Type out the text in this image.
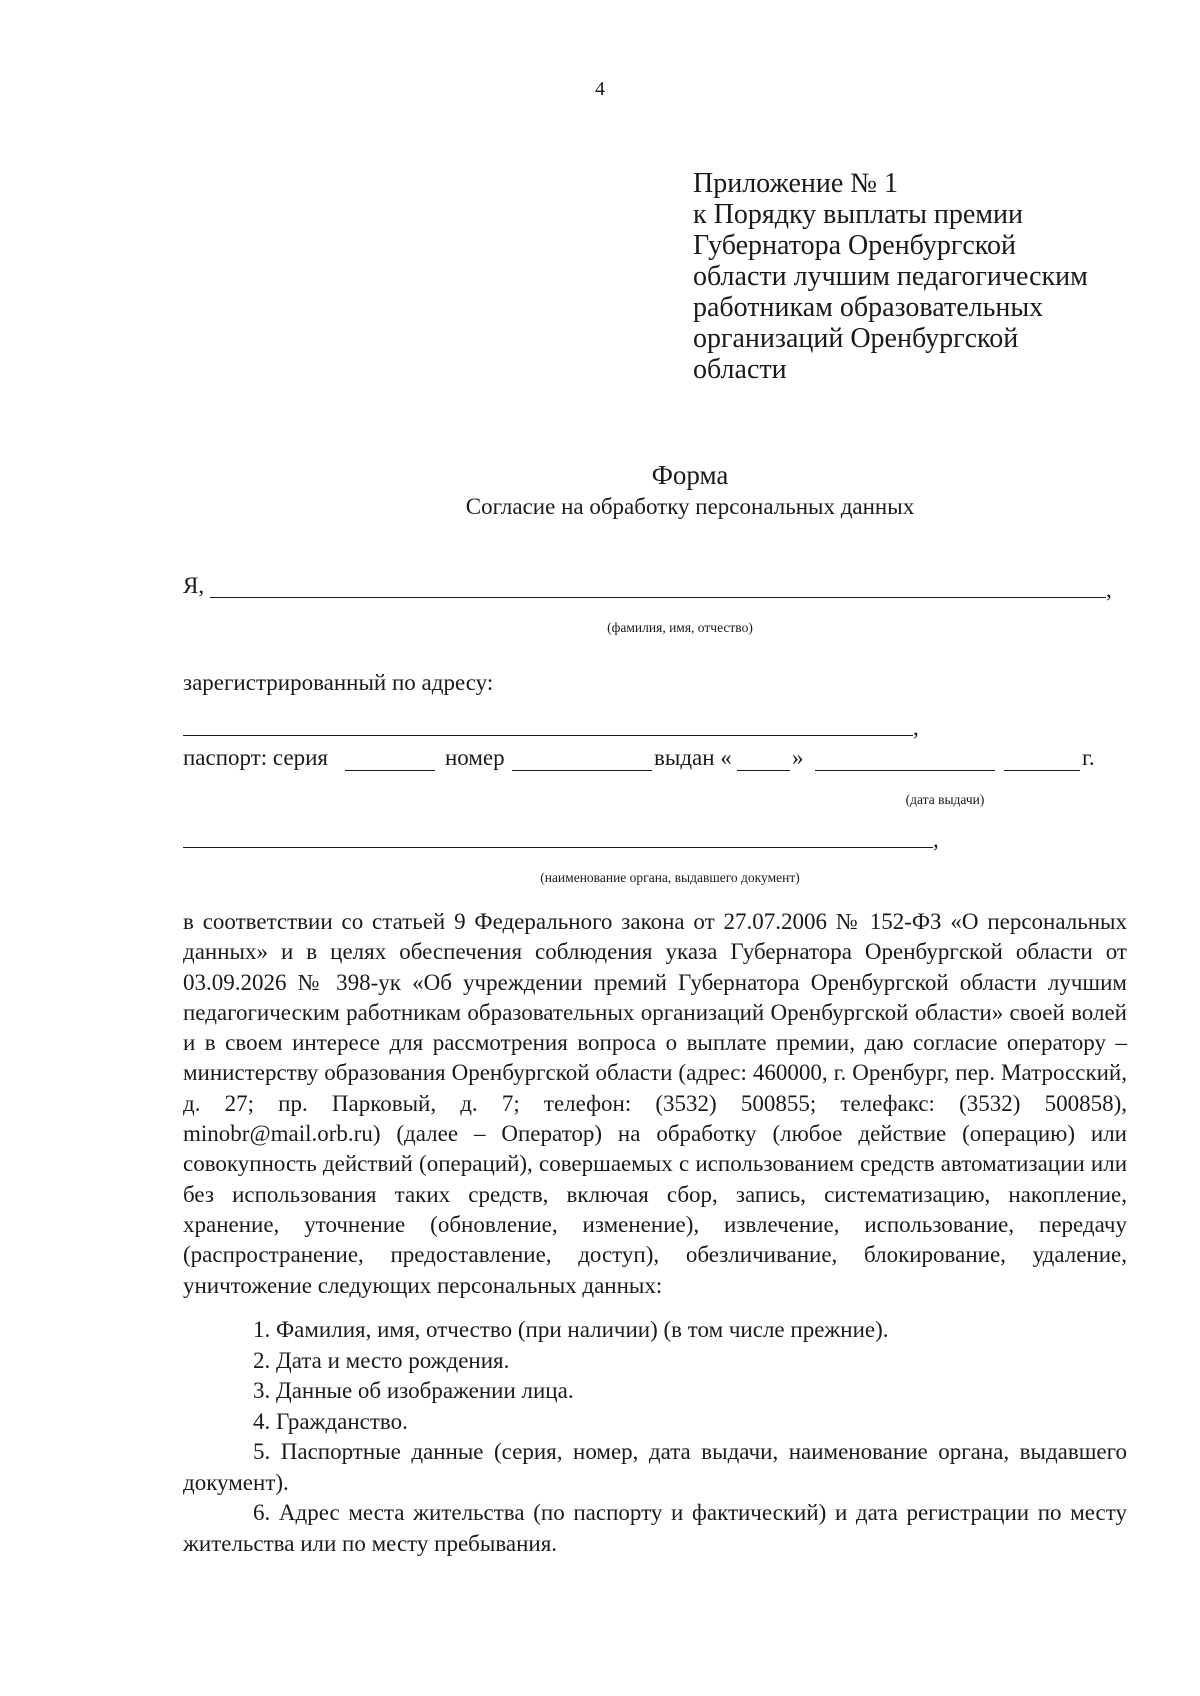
4
Приложение № 1
к Порядку выплаты премии
Губернатора Оренбургской
области лучшим педагогическим
работникам образовательных
организаций Оренбургской
области
Форма
Согласие на обработку персональных данных
Я,	,
(фамилия, имя, отчество)
зарегистрированный по адресу:
,
паспорт: серия	номер	выдан «	»	г.
(дата выдачи)
,
(наименование органа, выдавшего документ)
в соответствии со статьей 9 Федерального закона от 27.07.2006 № 152-ФЗ «О персональных данных» и в целях обеспечения соблюдения указа Губернатора Оренбургской области от 03.09.2026 № 398-ук «Об учреждении премий Губернатора Оренбургской области лучшим педагогическим работникам образовательных организаций Оренбургской области» своей волей и в своем интересе для рассмотрения вопроса о выплате премии, даю согласие оператору – министерству образования Оренбургской области (адрес: 460000, г. Оренбург, пер. Матросский, д. 27; пр. Парковый, д. 7; телефон: (3532) 500855; телефакс: (3532) 500858), minobr@mail.orb.ru) (далее – Оператор) на обработку (любое действие (операцию) или совокупность действий (операций), совершаемых с использованием средств автоматизации или без использования таких средств, включая сбор, запись, систематизацию, накопление, хранение, уточнение (обновление, изменение), извлечение, использование, передачу (распространение, предоставление, доступ), обезличивание, блокирование, удаление, уничтожение следующих персональных данных:

1. Фамилия, имя, отчество (при наличии) (в том числе прежние).

2. Дата и место рождения.

3. Данные об изображении лица.

4. Гражданство.

5. Паспортные данные (серия, номер, дата выдачи, наименование органа, выдавшего документ).

6. Адрес места жительства (по паспорту и фактический) и дата регистрации по месту жительства или по месту пребывания.
